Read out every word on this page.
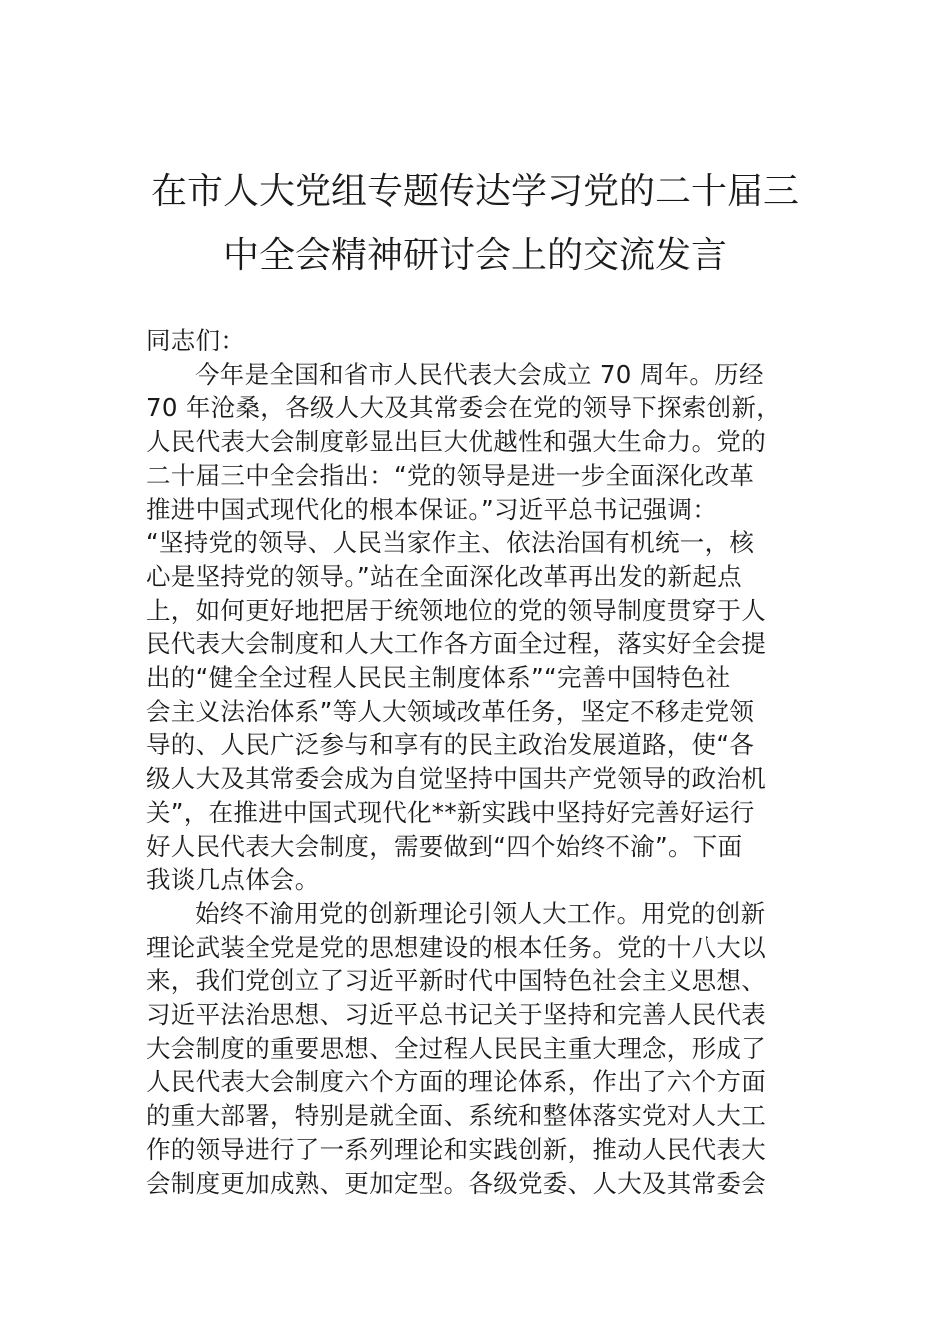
在市人大党组专题传达学习党的二十届三
中全会精神研讨会上的交流发言
同志们：
今年是全国和省市人民代表大会成立 70 周年。历经
70 年沧桑，各级人大及其常委会在党的领导下探索创新，
人民代表大会制度彰显出巨大优越性和强大生命力。党的
二十届三中全会指出：“党的领导是进一步全面深化改革
推进中国式现代化的根本保证。”习近平总书记强调：
“坚持党的领导、人民当家作主、依法治国有机统一，核
心是坚持党的领导。”站在全面深化改革再出发的新起点
上，如何更好地把居于统领地位的党的领导制度贯穿于人
民代表大会制度和人大工作各方面全过程，落实好全会提
出的“健全全过程人民民主制度体系”“完善中国特色社
会主义法治体系”等人大领域改革任务，坚定不移走党领
导的、人民广泛参与和享有的民主政治发展道路，使“各
级人大及其常委会成为自觉坚持中国共产党领导的政治机
关”，在推进中国式现代化**新实践中坚持好完善好运行
好人民代表大会制度，需要做到“四个始终不渝”。下面
我谈几点体会。
始终不渝用党的创新理论引领人大工作。用党的创新
理论武装全党是党的思想建设的根本任务。党的十八大以
来，我们党创立了习近平新时代中国特色社会主义思想、
习近平法治思想、习近平总书记关于坚持和完善人民代表
大会制度的重要思想、全过程人民民主重大理念，形成了
人民代表大会制度六个方面的理论体系，作出了六个方面
的重大部署，特别是就全面、系统和整体落实党对人大工
作的领导进行了一系列理论和实践创新，推动人民代表大
会制度更加成熟、更加定型。各级党委、人大及其常委会
